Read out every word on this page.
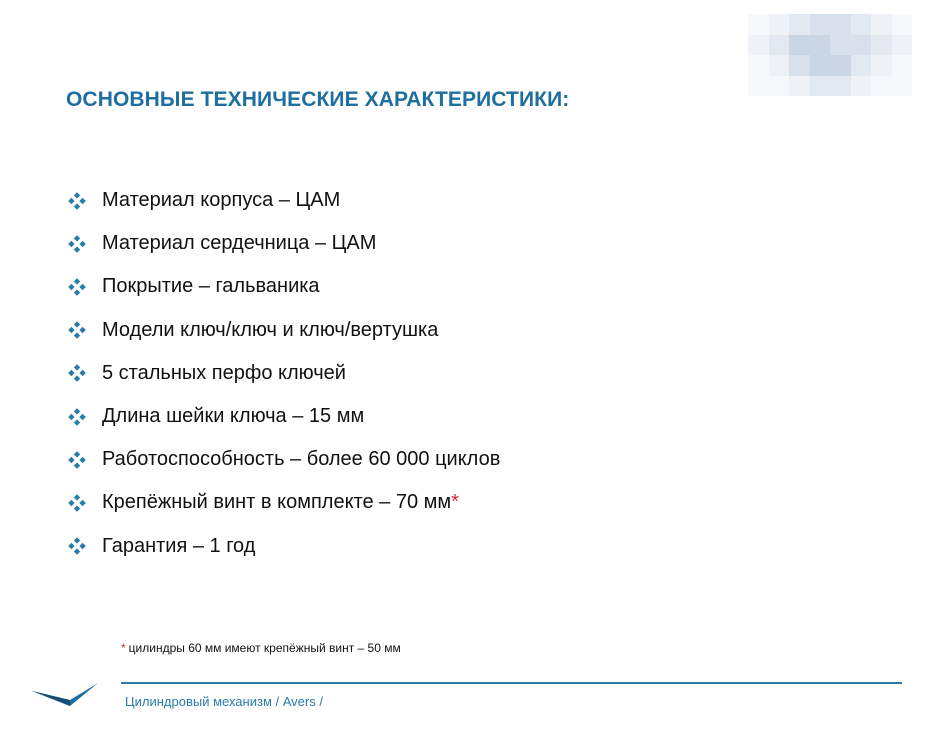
ОСНОВНЫЕ ТЕХНИЧЕСКИЕ ХАРАКТЕРИСТИКИ:
Материал корпуса – ЦАМ
Материал сердечница – ЦАМ
Покрытие – гальваника
Модели ключ/ключ и ключ/вертушка
5 стальных перфо ключей
Длина шейки ключа – 15 мм
Работоспособность – более 60 000 циклов
Крепёжный винт в комплекте – 70 мм *
Гарантия – 1 год
* цилиндры 60 мм имеют крепёжный винт – 50 мм
Цилиндровый механизм / Avers /
